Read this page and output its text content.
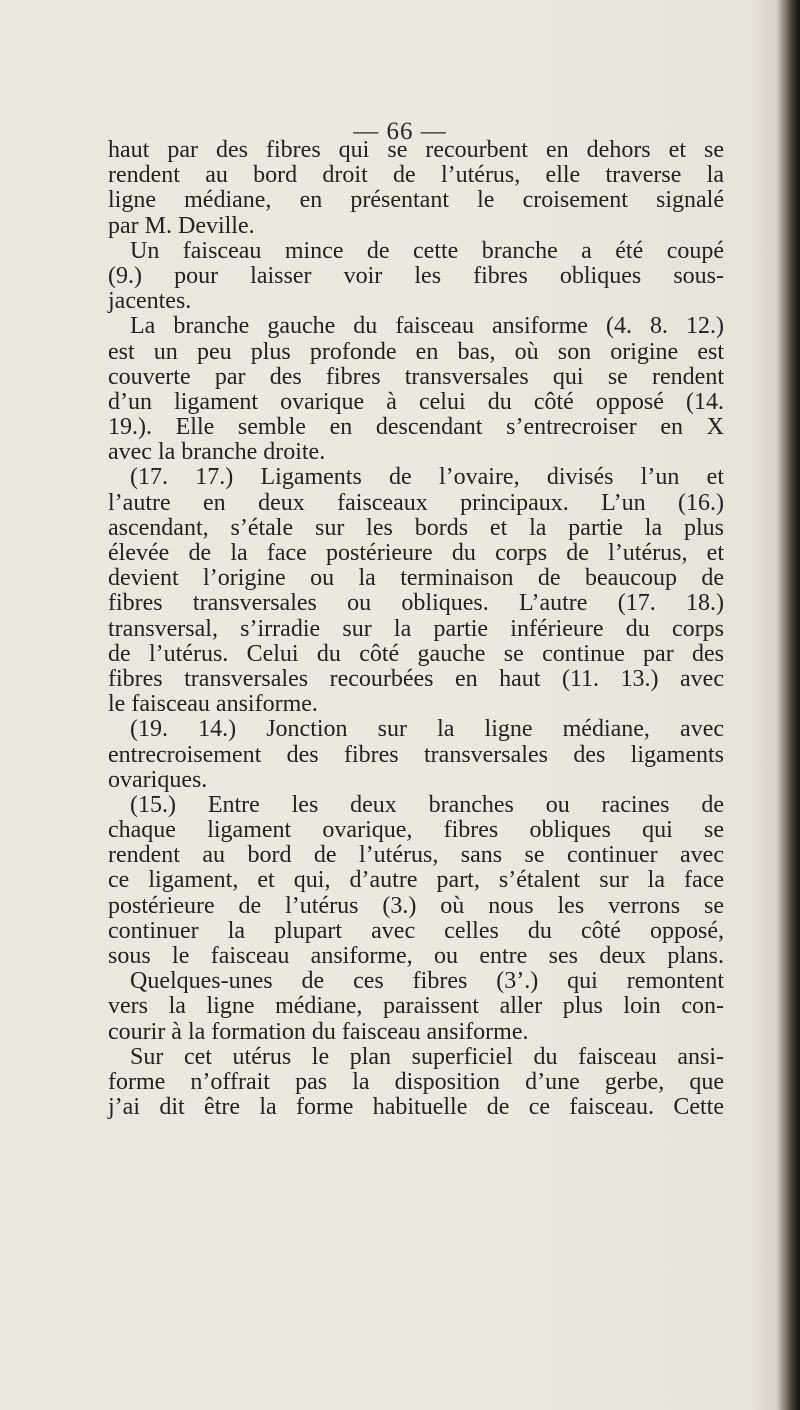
— 66 —
haut par des fibres qui se recourbent en dehors et se
rendent au bord droit de l’utérus, elle traverse la
ligne médiane, en présentant le croisement signalé
par M. Deville.
Un faisceau mince de cette branche a été coupé
(9.) pour laisser voir les fibres obliques sous-
jacentes.
La branche gauche du faisceau ansiforme (4. 8. 12.)
est un peu plus profonde en bas, où son origine est
couverte par des fibres transversales qui se rendent
d’un ligament ovarique à celui du côté opposé (14.
19.). Elle semble en descendant s’entrecroiser en X
avec la branche droite.
(17. 17.) Ligaments de l’ovaire, divisés l’un et
l’autre en deux faisceaux principaux. L’un (16.)
ascendant, s’étale sur les bords et la partie la plus
élevée de la face postérieure du corps de l’utérus, et
devient l’origine ou la terminaison de beaucoup de
fibres transversales ou obliques. L’autre (17. 18.)
transversal, s’irradie sur la partie inférieure du corps
de l’utérus. Celui du côté gauche se continue par des
fibres transversales recourbées en haut (11. 13.) avec
le faisceau ansiforme.
(19. 14.) Jonction sur la ligne médiane, avec
entrecroisement des fibres transversales des ligaments
ovariques.
(15.) Entre les deux branches ou racines de
chaque ligament ovarique, fibres obliques qui se
rendent au bord de l’utérus, sans se continuer avec
ce ligament, et qui, d’autre part, s’étalent sur la face
postérieure de l’utérus (3.) où nous les verrons se
continuer la plupart avec celles du côté opposé,
sous le faisceau ansiforme, ou entre ses deux plans.
Quelques-unes de ces fibres (3’.) qui remontent
vers la ligne médiane, paraissent aller plus loin con-
courir à la formation du faisceau ansiforme.
Sur cet utérus le plan superficiel du faisceau ansi-
forme n’offrait pas la disposition d’une gerbe, que
j’ai dit être la forme habituelle de ce faisceau. Cette
